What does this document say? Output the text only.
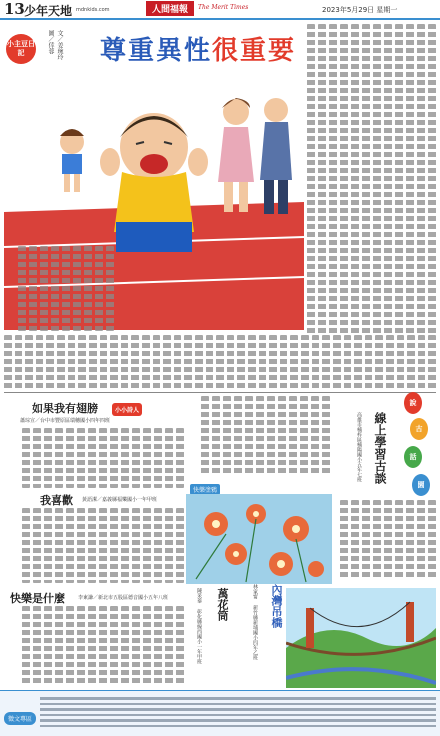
13 少年天地 mdnkids.com	人間福報	The Merit Times	2023年5月29日 星期一
小主豆日記	文／姜琬玲 圖／倖蓉	尊重異性很重要
如果我有翅膀	小小詩人
蕭琮宣／台中市豐原區瑞穗國小四年四班
我喜歡 黃語潔／嘉義縣福樂國小一年甲班
快樂是什麼	李東謙／新北市五股區德音國小五年八班
說
古
話
園
線上學習古談
高雄市楠梓區楠陽國小五年七班
快樂塗鴉
萬花筒
陳采蓁 彰化縣線西國小一年甲班	內灣吊橋
林家甯 新竹縣新埔國小四年乙班
徵文專區
